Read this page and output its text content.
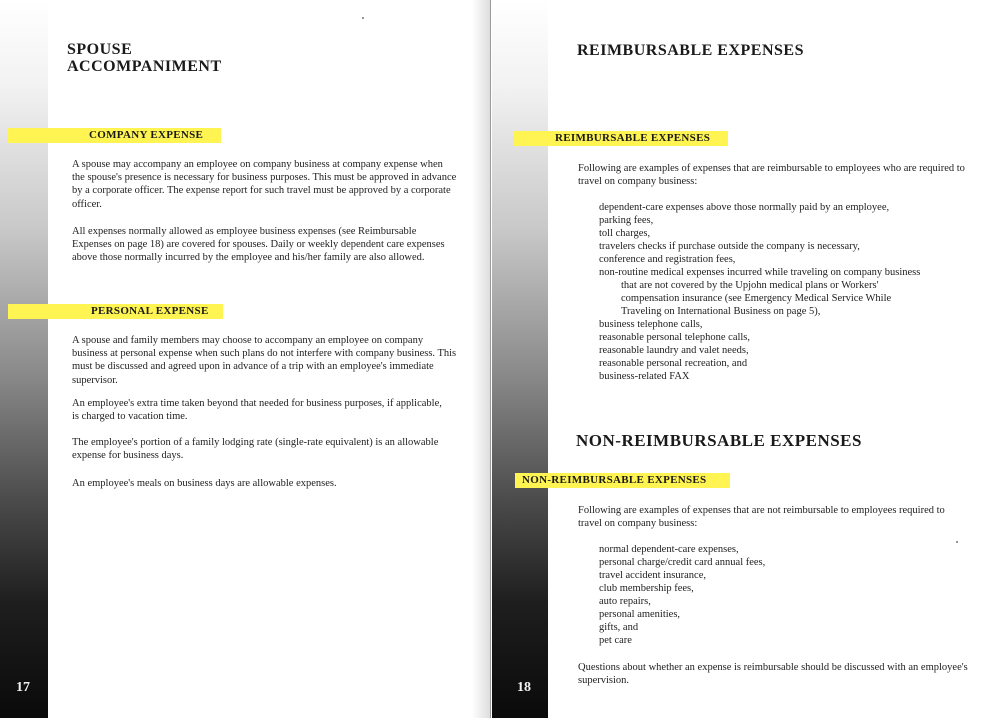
SPOUSE
ACCOMPANIMENT
COMPANY EXPENSE

A spouse may accompany an employee on company business at company expense when the spouse's presence is necessary for business purposes. This must be approved in advance by a corporate officer. The expense report for such travel must be approved by a corporate officer.

All expenses normally allowed as employee business expenses (see Reimbursable Expenses on page 18) are covered for spouses. Daily or weekly dependent care expenses above those normally incurred by the employee and his/her family are also allowed.

PERSONAL EXPENSE

A spouse and family members may choose to accompany an employee on company business at personal expense when such plans do not interfere with company business. This must be discussed and agreed upon in advance of a trip with an employee's immediate supervisor.

An employee's extra time taken beyond that needed for business purposes, if applicable, is charged to vacation time.

The employee's portion of a family lodging rate (single-rate equivalent) is an allowable expense for business days.

An employee's meals on business days are allowable expenses.

17
REIMBURSABLE EXPENSES
REIMBURSABLE EXPENSES

Following are examples of expenses that are reimbursable to employees who are required to travel on company business:

dependent-care expenses above those normally paid by an employee,
parking fees,
toll charges,
travelers checks if purchase outside the company is necessary,
conference and registration fees,
non-routine medical expenses incurred while traveling on company business that are not covered by the Upjohn medical plans or Workers' compensation insurance (see Emergency Medical Service While Traveling on International Business on page 5),
business telephone calls,
reasonable personal telephone calls,
reasonable laundry and valet needs,
reasonable personal recreation, and
business-related FAX
NON-REIMBURSABLE EXPENSES
NON-REIMBURSABLE EXPENSES

Following are examples of expenses that are not reimbursable to employees required to travel on company business:

normal dependent-care expenses,
personal charge/credit card annual fees,
travel accident insurance,
club membership fees,
auto repairs,
personal amenities,
gifts, and
pet care

Questions about whether an expense is reimbursable should be discussed with an employee's supervision.

18
